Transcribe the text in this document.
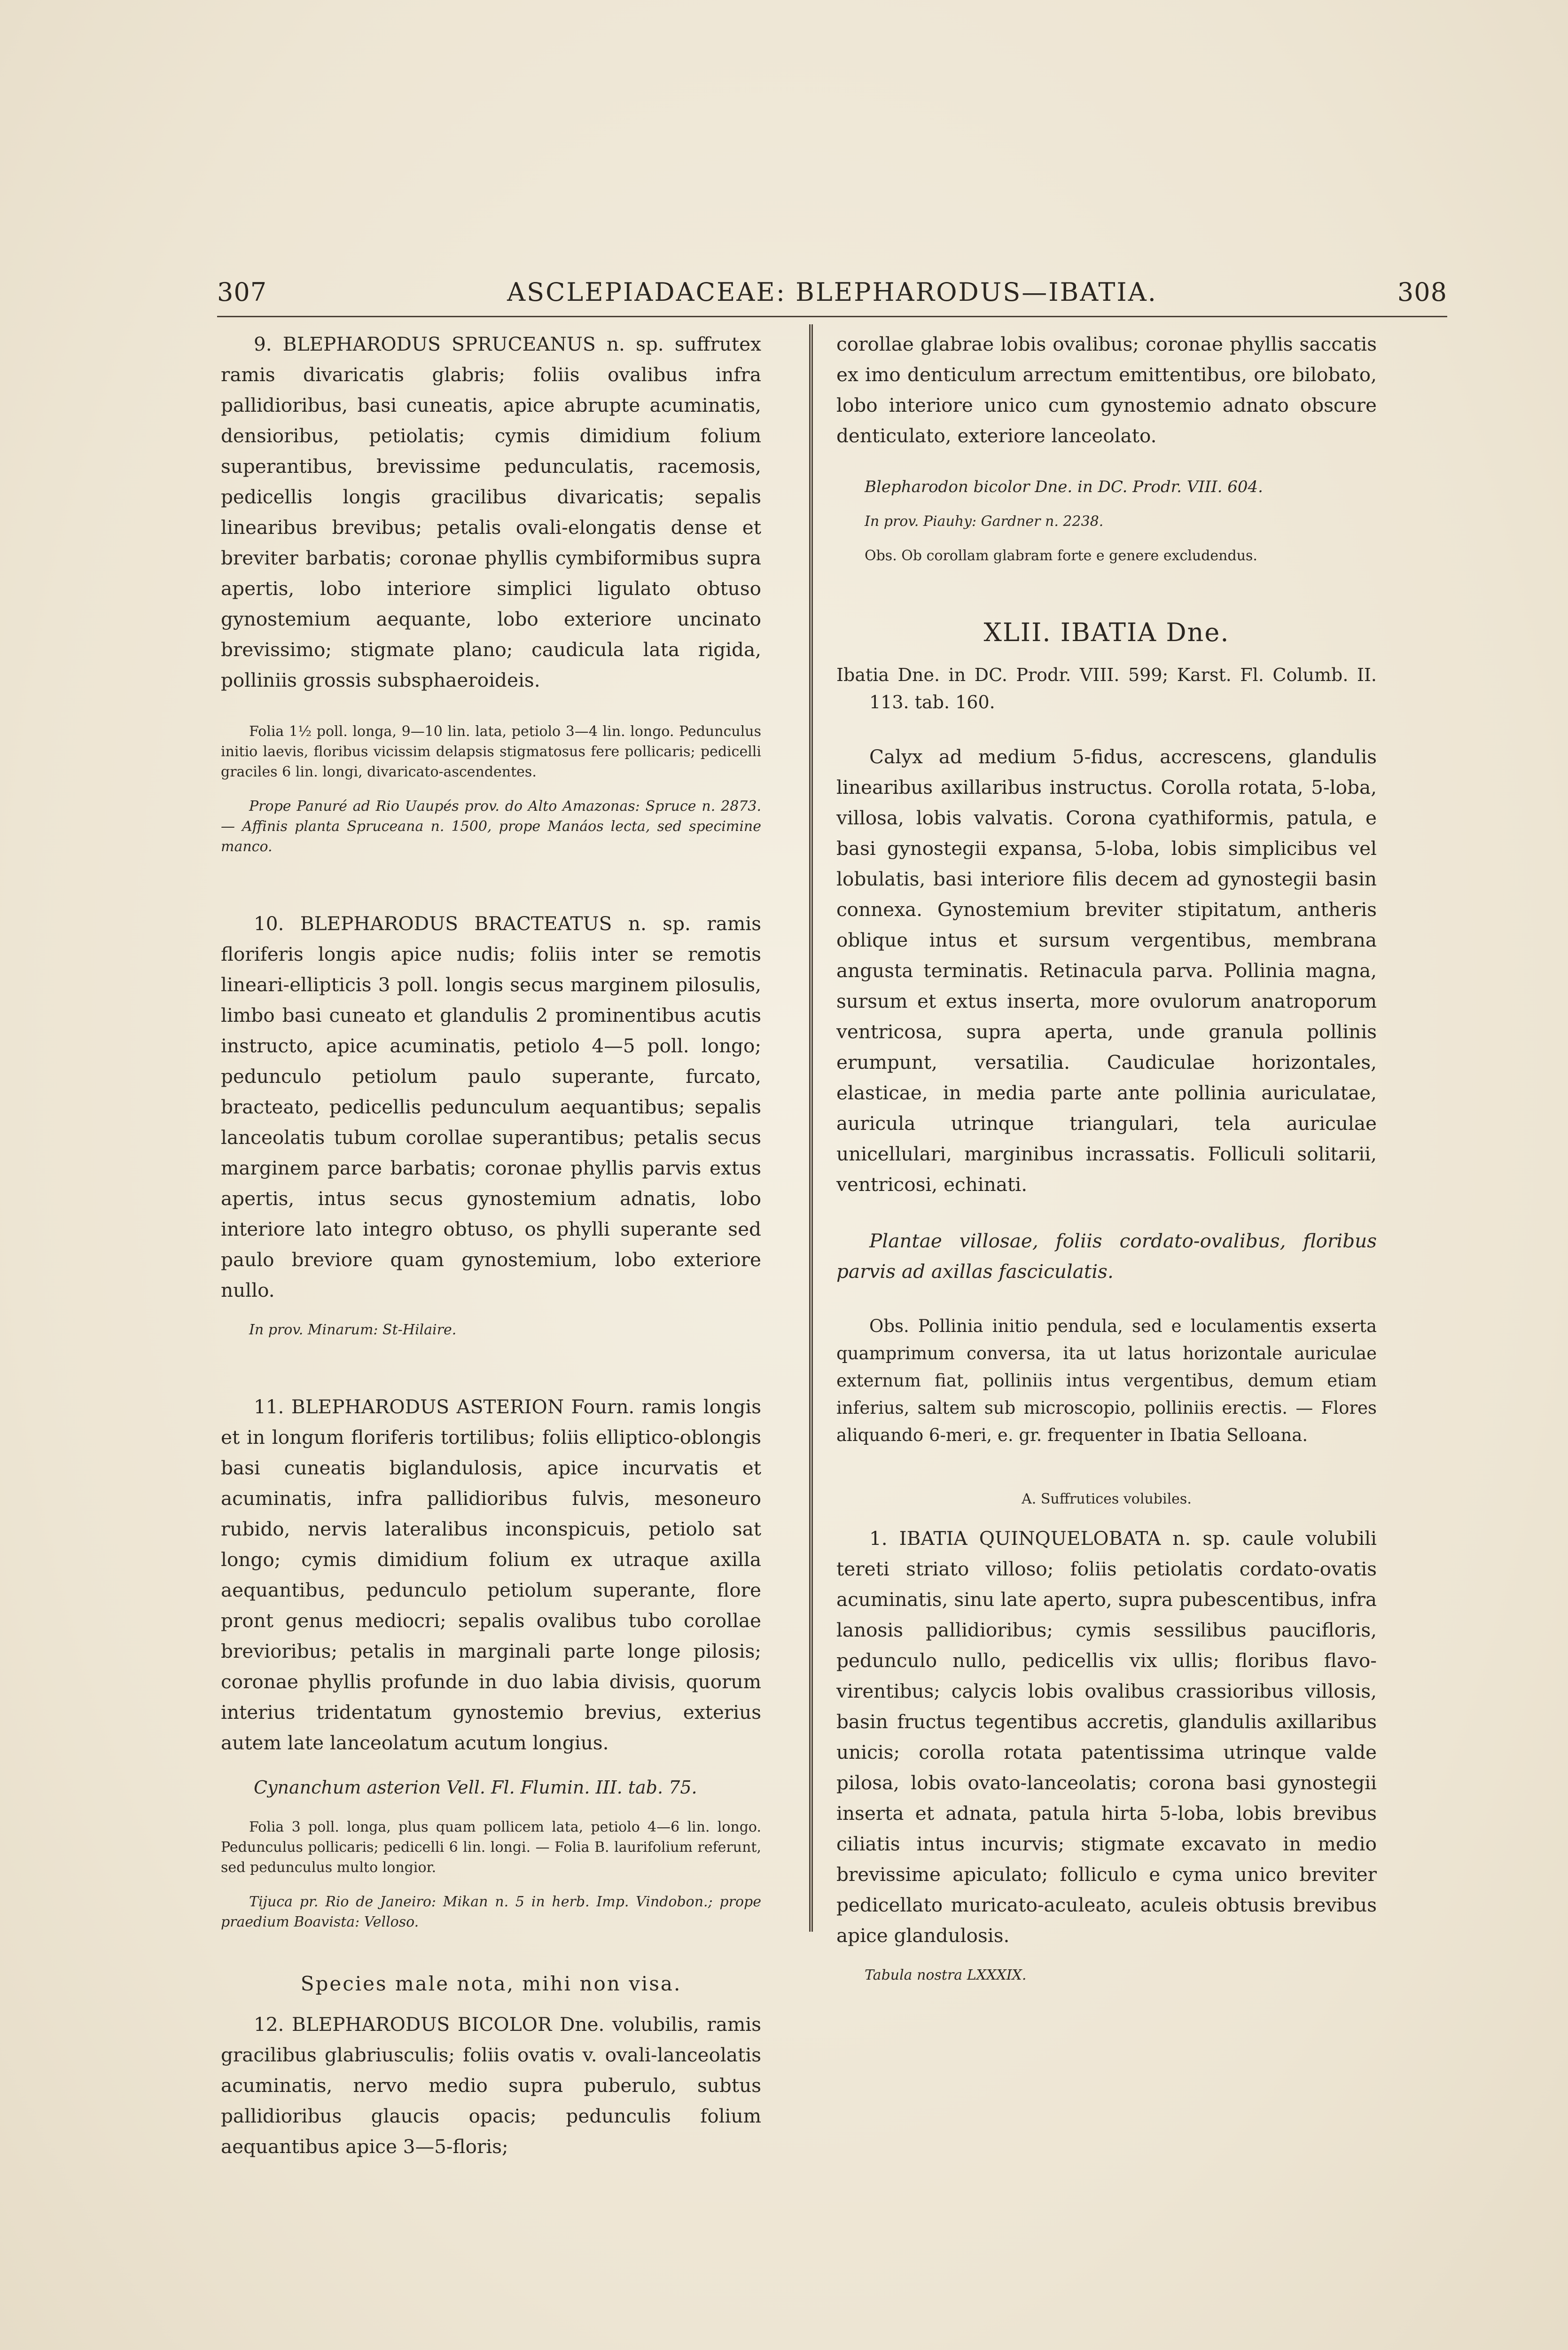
307	ASCLEPIADACEAE: BLEPHARODUS—IBATIA.	308

9. BLEPHARODUS SPRUCEANUS n. sp. suffrutex ramis divaricatis glabris; foliis ovalibus infra pallidioribus, basi cuneatis, apice abrupte acuminatis, densioribus, petiolatis; cymis dimidium folium superantibus, brevissime pedunculatis, racemosis, pedicellis longis gracilibus divaricatis; sepalis linearibus brevibus; petalis ovali-elongatis dense et breviter barbatis; coronae phyllis cymbiformibus supra apertis, lobo interiore simplici ligulato obtuso gynostemium aequante, lobo exteriore uncinato brevissimo; stigmate plano; caudicula lata rigida, polliniis grossis subsphaeroideis.

Folia 1½ poll. longa, 9—10 lin. lata, petiolo 3—4 lin. longo. Pedunculus initio laevis, floribus vicissim delapsis stigmatosus fere pollicaris; pedicelli graciles 6 lin. longi, divaricato-ascendentes.

Prope Panuré ad Rio Uaupés prov. do Alto Amazonas: Spruce n. 2873. — Affinis planta Spruceana n. 1500, prope Manáos lecta, sed specimine manco.

10. BLEPHARODUS BRACTEATUS n. sp. ramis floriferis longis apice nudis; foliis inter se remotis lineari-ellipticis 3 poll. longis secus marginem pilosulis, limbo basi cuneato et glandulis 2 prominentibus acutis instructo, apice acuminatis, petiolo 4—5 poll. longo; pedunculo petiolum paulo superante, furcato, bracteato, pedicellis pedunculum aequantibus; sepalis lanceolatis tubum corollae superantibus; petalis secus marginem parce barbatis; coronae phyllis parvis extus apertis, intus secus gynostemium adnatis, lobo interiore lato integro obtuso, os phylli superante sed paulo breviore quam gynostemium, lobo exteriore nullo.

In prov. Minarum: St-Hilaire.

11. BLEPHARODUS ASTERION Fourn. ramis longis et in longum floriferis tortilibus; foliis elliptico-oblongis basi cuneatis biglandulosis, apice incurvatis et acuminatis, infra pallidioribus fulvis, mesoneuro rubido, nervis lateralibus inconspicuis, petiolo sat longo; cymis dimidium folium ex utraque axilla aequantibus, pedunculo petiolum superante, flore pront genus mediocri; sepalis ovalibus tubo corollae brevioribus; petalis in marginali parte longe pilosis; coronae phyllis profunde in duo labia divisis, quorum interius tridentatum gynostemio brevius, exterius autem late lanceolatum acutum longius.

Cynanchum asterion Vell. Fl. Flumin. III. tab. 75.

Folia 3 poll. longa, plus quam pollicem lata, petiolo 4—6 lin. longo. Pedunculus pollicaris; pedicelli 6 lin. longi. — Folia B. laurifolium referunt, sed pedunculus multo longior.

Tijuca pr. Rio de Janeiro: Mikan n. 5 in herb. Imp. Vindobon.; prope praedium Boavista: Velloso.

Species male nota, mihi non visa.

12. BLEPHARODUS BICOLOR Dne. volubilis, ramis gracilibus glabriusculis; foliis ovatis v. ovali-lanceolatis acuminatis, nervo medio supra puberulo, subtus pallidioribus glaucis opacis; pedunculis folium aequantibus apice 3—5-floris;

corollae glabrae lobis ovalibus; coronae phyllis saccatis ex imo denticulum arrectum emittentibus, ore bilobato, lobo interiore unico cum gynostemio adnato obscure denticulato, exteriore lanceolato.

Blepharodon bicolor Dne. in DC. Prodr. VIII. 604.

In prov. Piauhy: Gardner n. 2238.

Obs. Ob corollam glabram forte e genere excludendus.

XLII. IBATIA Dne.

Ibatia Dne. in DC. Prodr. VIII. 599; Karst. Fl. Columb. II. 113. tab. 160.

Calyx ad medium 5-fidus, accrescens, glandulis linearibus axillaribus instructus. Corolla rotata, 5-loba, villosa, lobis valvatis. Corona cyathiformis, patula, e basi gynostegii expansa, 5-loba, lobis simplicibus vel lobulatis, basi interiore filis decem ad gynostegii basin connexa. Gynostemium breviter stipitatum, antheris oblique intus et sursum vergentibus, membrana angusta terminatis. Retinacula parva. Pollinia magna, sursum et extus inserta, more ovulorum anatroporum ventricosa, supra aperta, unde granula pollinis erumpunt, versatilia. Caudiculae horizontales, elasticae, in media parte ante pollinia auriculatae, auricula utrinque triangulari, tela auriculae unicellulari, marginibus incrassatis. Folliculi solitarii, ventricosi, echinati.

Plantae villosae, foliis cordato-ovalibus, floribus parvis ad axillas fasciculatis.

Obs. Pollinia initio pendula, sed e loculamentis exserta quamprimum conversa, ita ut latus horizontale auriculae externum fiat, polliniis intus vergentibus, demum etiam inferius, saltem sub microscopio, polliniis erectis. — Flores aliquando 6-meri, e. gr. frequenter in Ibatia Selloana.

A. Suffrutices volubiles.

1. IBATIA QUINQUELOBATA n. sp. caule volubili tereti striato villoso; foliis petiolatis cordato-ovatis acuminatis, sinu late aperto, supra pubescentibus, infra lanosis pallidioribus; cymis sessilibus paucifloris, pedunculo nullo, pedicellis vix ullis; floribus flavo-virentibus; calycis lobis ovalibus crassioribus villosis, basin fructus tegentibus accretis, glandulis axillaribus unicis; corolla rotata patentissima utrinque valde pilosa, lobis ovato-lanceolatis; corona basi gynostegii inserta et adnata, patula hirta 5-loba, lobis brevibus ciliatis intus incurvis; stigmate excavato in medio brevissime apiculato; folliculo e cyma unico breviter pedicellato muricato-aculeato, aculeis obtusis brevibus apice glandulosis.

Tabula nostra LXXXIX.
